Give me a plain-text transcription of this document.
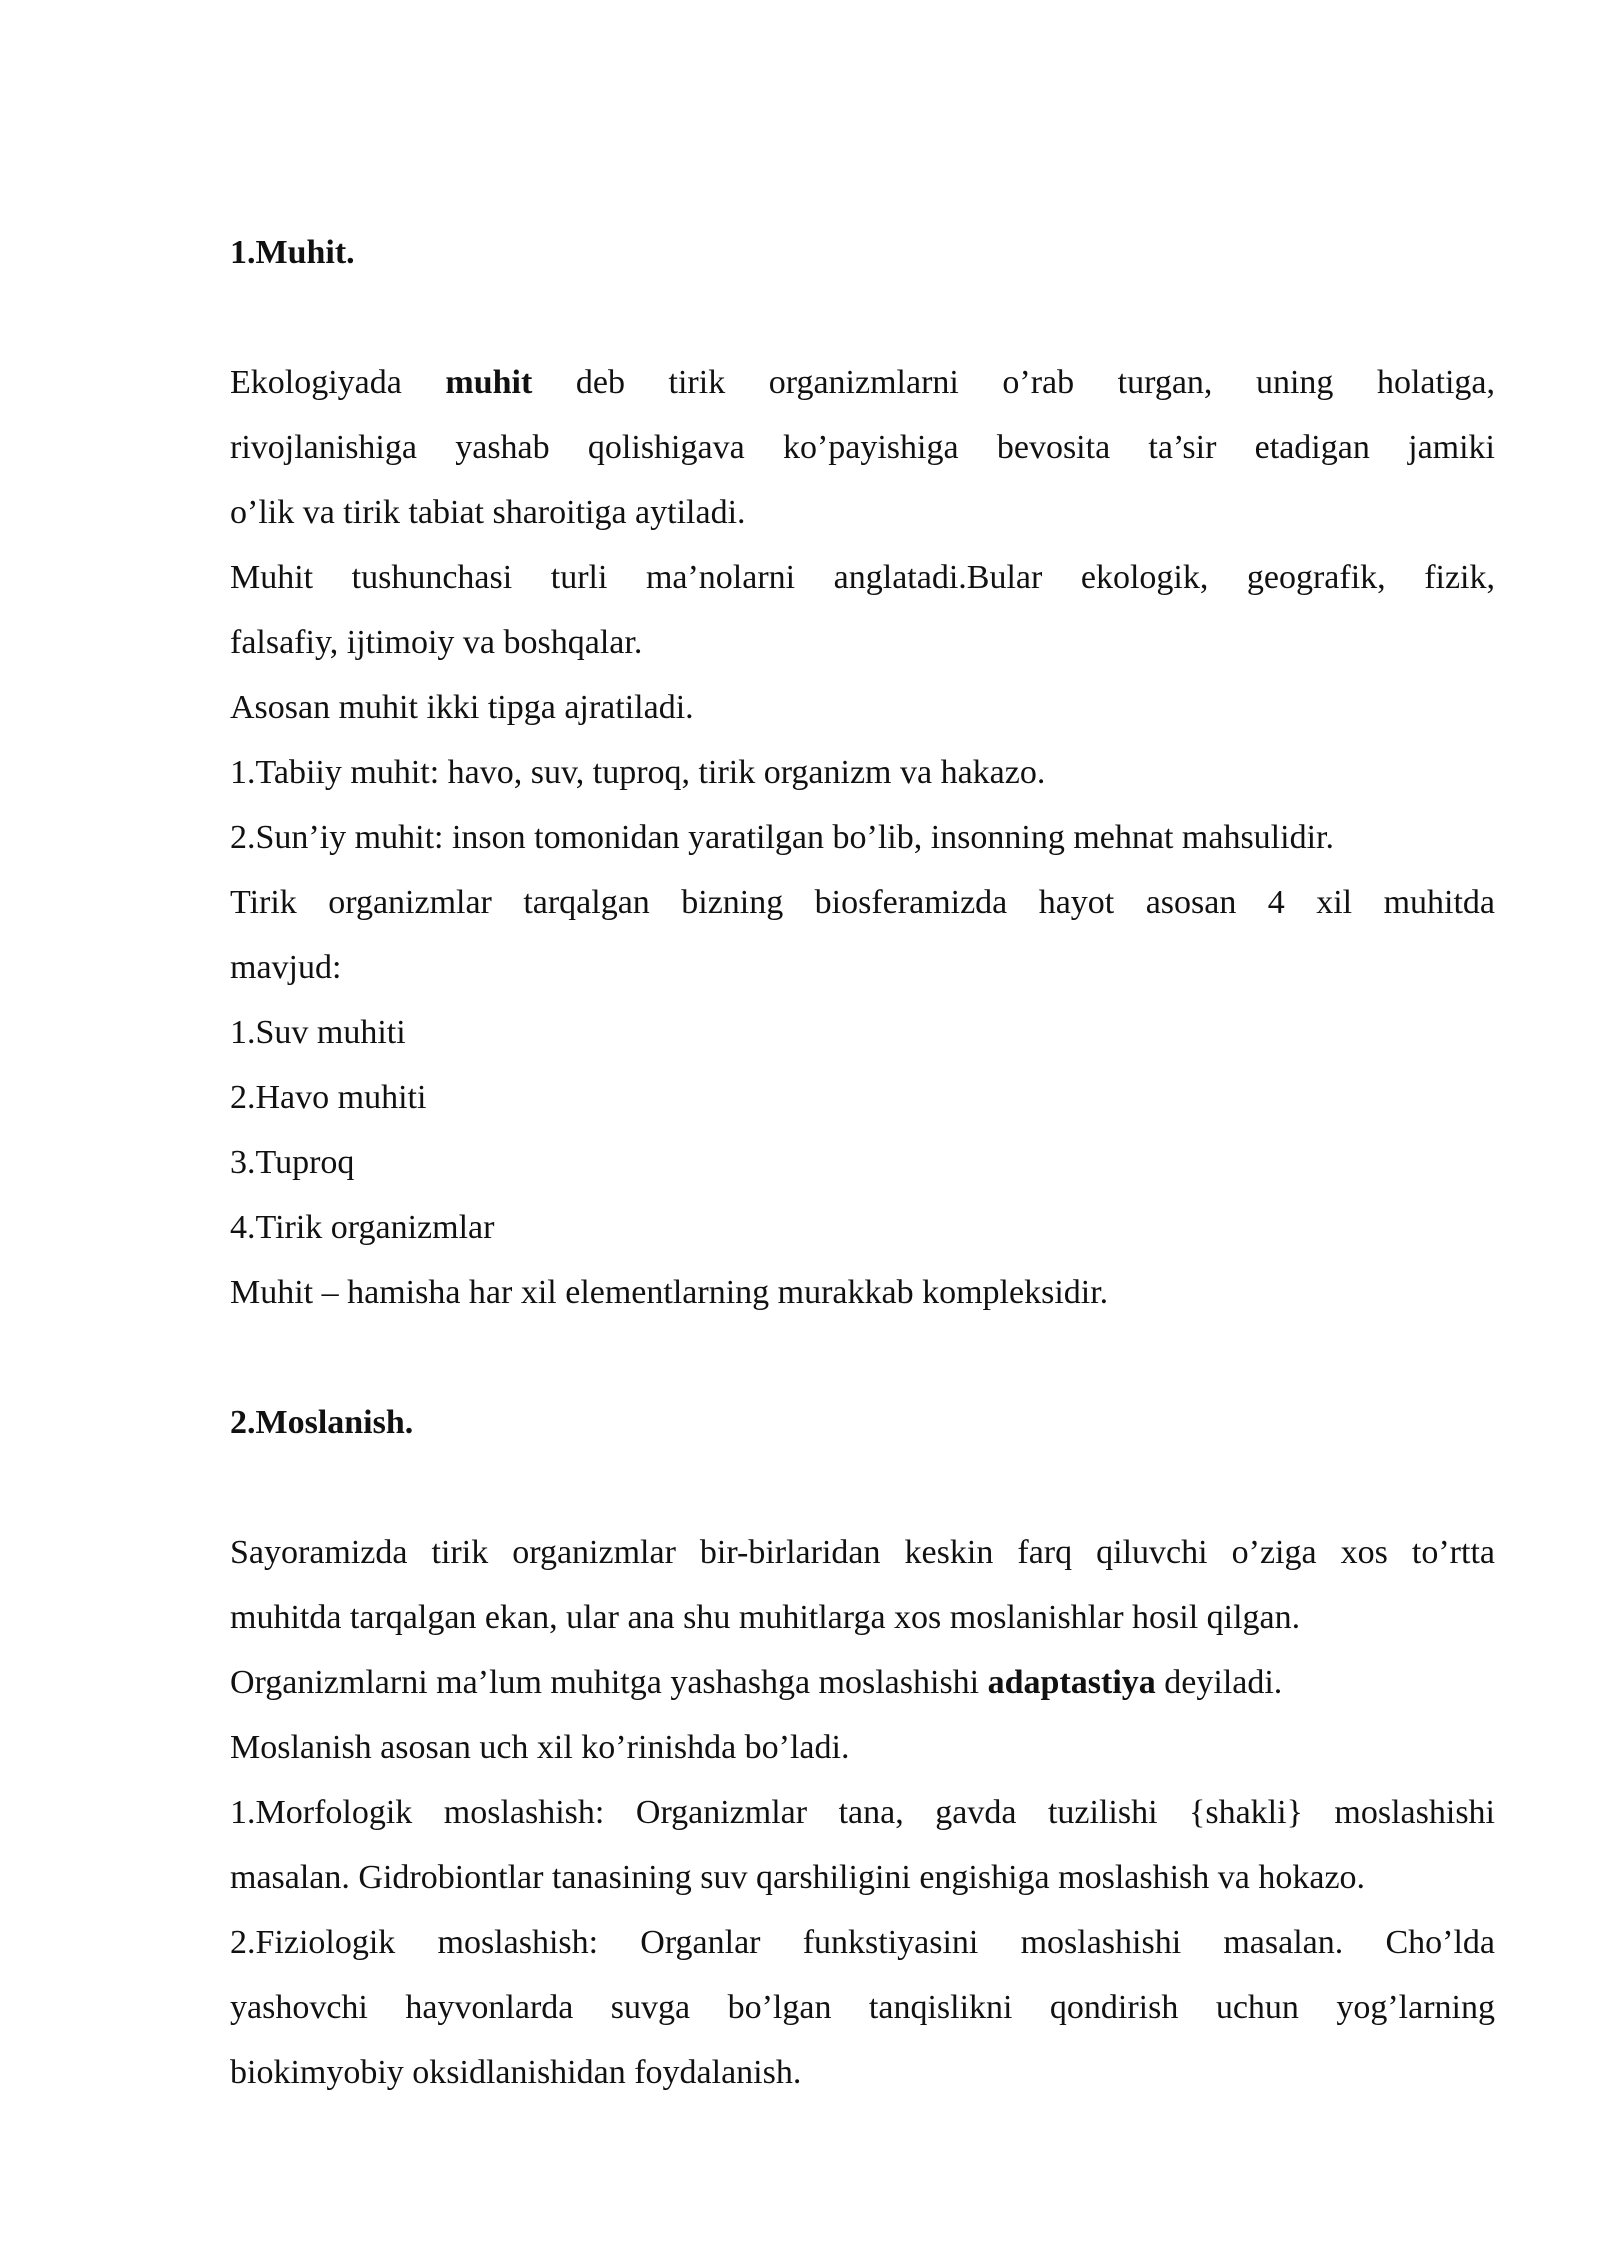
1.Muhit.
Ekologiyada muhit deb tirik organizmlarni o’rab turgan, uning holatiga,
rivojlanishiga yashab qolishigava ko’payishiga bevosita ta’sir etadigan jamiki
o’lik va tirik tabiat sharoitiga aytiladi.
Muhit tushunchasi turli ma’nolarni anglatadi.Bular ekologik, geografik, fizik,
falsafiy, ijtimoiy va boshqalar.
Asosan muhit ikki tipga ajratiladi.
1.Tabiiy muhit: havo, suv, tuproq, tirik organizm va hakazo.
2.Sun’iy muhit: inson tomonidan yaratilgan bo’lib, insonning mehnat mahsulidir.
Tirik organizmlar tarqalgan bizning biosferamizda hayot asosan 4 xil muhitda
mavjud:
1.Suv muhiti
2.Havo muhiti
3.Tuproq
4.Tirik organizmlar
Muhit – hamisha har xil elementlarning murakkab kompleksidir.
2.Moslanish.
Sayoramizda tirik organizmlar bir-birlaridan keskin farq qiluvchi o’ziga xos to’rtta
muhitda tarqalgan ekan, ular ana shu muhitlarga xos moslanishlar hosil qilgan.
Organizmlarni ma’lum muhitga yashashga moslashishi adaptastiya deyiladi.
Moslanish asosan uch xil ko’rinishda bo’ladi.
1.Morfologik moslashish: Organizmlar tana, gavda tuzilishi {shakli} moslashishi
masalan. Gidrobiontlar tanasining suv qarshiligini engishiga moslashish va hokazo.
2.Fiziologik moslashish: Organlar funkstiyasini moslashishi masalan. Cho’lda
yashovchi hayvonlarda suvga bo’lgan tanqislikni qondirish uchun yog’larning
biokimyobiy oksidlanishidan foydalanish.
